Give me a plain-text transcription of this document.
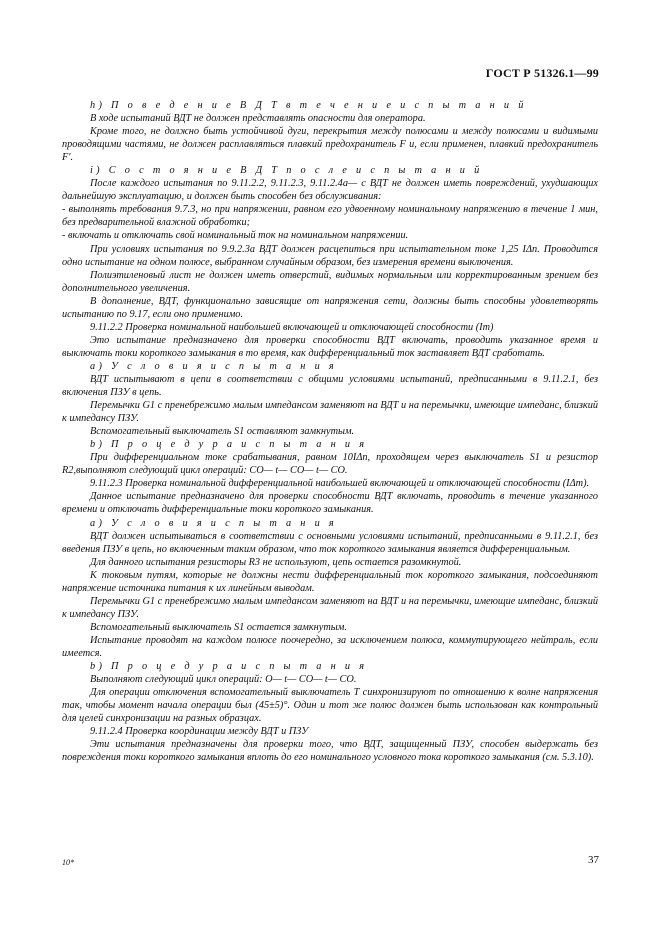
ГОСТ Р 51326.1—99

h) П о в е д е н и е В Д Т в т е ч е н и е и с п ы т а н и й

В ходе испытаний ВДТ не должен представлять опасности для оператора.

Кроме того, не должно быть устойчивой дуги, перекрытия между полюсами и между полюсами и видимыми проводящими частями, не должен расплавляться плавкий предохранитель F и, если применен, плавкий предохранитель F'.

i) С о с т о я н и е В Д Т п о с л е и с п ы т а н и й

После каждого испытания по 9.11.2.2, 9.11.2.3, 9.11.2.4а— с ВДТ не должен иметь повреждений, ухудшающих дальнейшую эксплуатацию, и должен быть способен без обслуживания:

- выполнять требования 9.7.3, но при напряжении, равном его удвоенному номинальному напряжению в течение 1 мин, без предварительной влажной обработки;

- включать и отключать свой номинальный ток на номинальном напряжении.

При условиях испытания по 9.9.2.3а ВДТ должен расцепиться при испытательном токе 1,25 IΔn. Проводится одно испытание на одном полюсе, выбранном случайным образом, без измерения времени выключения.

Полиэтиленовый лист не должен иметь отверстий, видимых нормальным или корректированным зрением без дополнительного увеличения.

В дополнение, ВДТ, функционально зависящие от напряжения сети, должны быть способны удовлетворять испытанию по 9.17, если оно применимо.

9.11.2.2 Проверка номинальной наибольшей включающей и отключающей способности (Im)

Это испытание предназначено для проверки способности ВДТ включать, проводить указанное время и выключать токи короткого замыкания в то время, как дифференциальный ток заставляет ВДТ сработать.

а) У с л о в и я и с п ы т а н и я

ВДТ испытывают в цепи в соответствии с общими условиями испытаний, предписанными в 9.11.2.1, без включения ПЗУ в цепь.

Перемычки G1 с пренебрежимо малым импедансом заменяют на ВДТ и на перемычки, имеющие импеданс, близкий к импедансу ПЗУ.

Вспомогательный выключатель S1 оставляют замкнутым.

b) П р о ц е д у р а и с п ы т а н и я

При дифференциальном токе срабатывания, равном 10IΔn, проходящем через выключатель S1 и резистор R2,выполняют следующий цикл операций: CO— t— CO— t— CO.

9.11.2.3 Проверка номинальной дифференциальной наибольшей включающей и отключающей способности (IΔm).

Данное испытание предназначено для проверки способности ВДТ включать, проводить в течение указанного времени и отключать дифференциальные токи короткого замыкания.

а) У с л о в и я и с п ы т а н и я

ВДТ должен испытываться в соответствии с основными условиями испытаний, предписанными в 9.11.2.1, без введения ПЗУ в цепь, но включенным таким образом, что ток короткого замыкания является дифференциальным.

Для данного испытания резисторы R3 не используют, цепь остается разомкнутой.

К токовым путям, которые не должны нести дифференциальный ток короткого замыкания, подсоединяют напряжение источника питания к их линейным выводам.

Перемычки G1 с пренебрежимо малым импедансом заменяют на ВДТ и на перемычки, имеющие импеданс, близкий к импедансу ПЗУ.

Вспомогательный выключатель S1 остается замкнутым.

Испытание проводят на каждом полюсе поочередно, за исключением полюса, коммутирующего нейтраль, если имеется.

b) П р о ц е д у р а и с п ы т а н и я

Выполняют следующий цикл операций: O— t— CO— t— CO.

Для операции отключения вспомогательный выключатель Т синхронизируют по отношению к волне напряжения так, чтобы момент начала операции был (45±5)°. Один и тот же полюс должен быть использован как контрольный для целей синхронизации на разных образцах.

9.11.2.4 Проверка координации между ВДТ и ПЗУ

Эти испытания предназначены для проверки того, что ВДТ, защищенный ПЗУ, способен выдержать без повреждения токи короткого замыкания вплоть до его номинального условного тока короткого замыкания (см. 5.3.10).

10*	37
